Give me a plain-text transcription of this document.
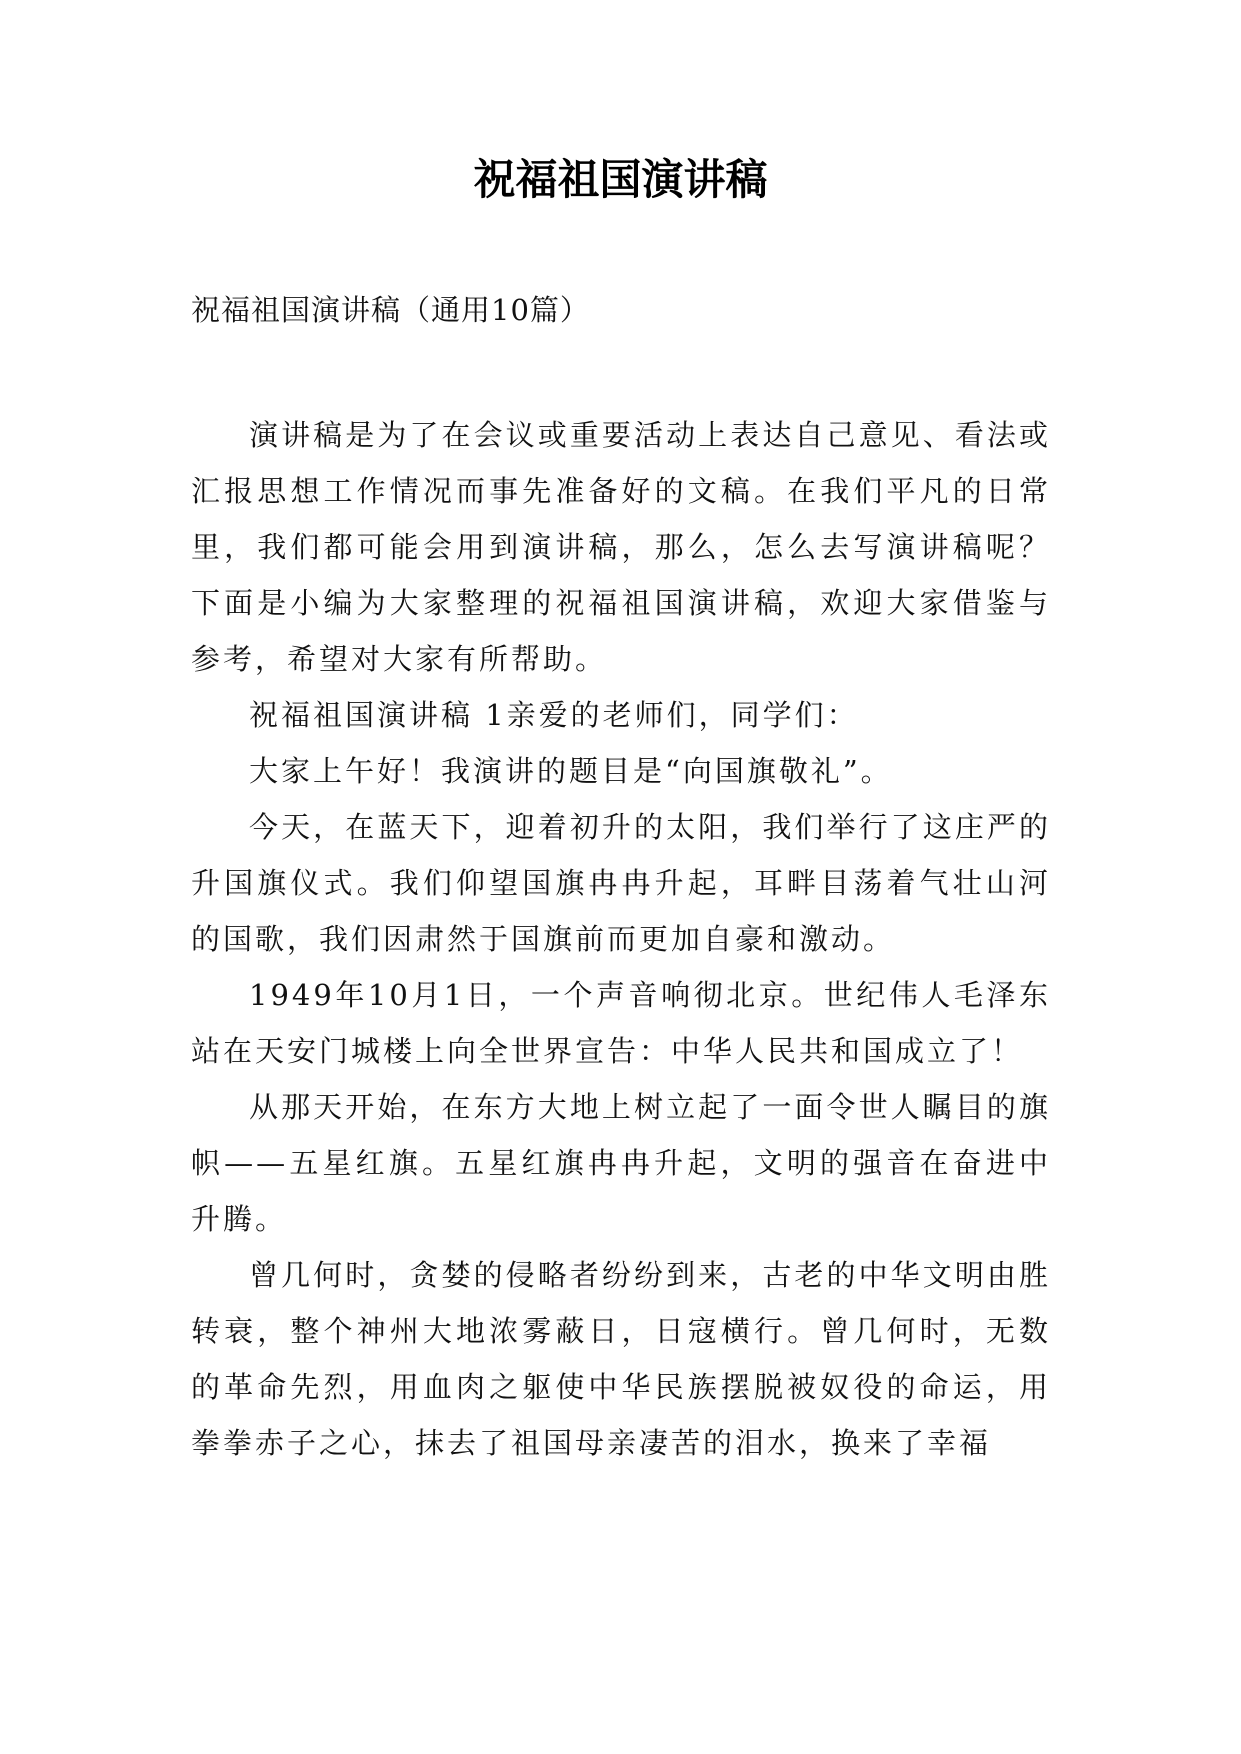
祝福祖国演讲稿

祝福祖国演讲稿（通用10篇）

演讲稿是为了在会议或重要活动上表达自己意见、看法或汇报思想工作情况而事先准备好的文稿。在我们平凡的日常里，我们都可能会用到演讲稿，那么，怎么去写演讲稿呢？下面是小编为大家整理的祝福祖国演讲稿，欢迎大家借鉴与参考，希望对大家有所帮助。

祝福祖国演讲稿 1亲爱的老师们，同学们：

大家上午好！我演讲的题目是“向国旗敬礼”。

今天，在蓝天下，迎着初升的太阳，我们举行了这庄严的升国旗仪式。我们仰望国旗冉冉升起，耳畔目荡着气壮山河的国歌，我们因肃然于国旗前而更加自豪和激动。

1949年10月1日，一个声音响彻北京。世纪伟人毛泽东站在天安门城楼上向全世界宣告：中华人民共和国成立了！

从那天开始，在东方大地上树立起了一面令世人瞩目的旗帜——五星红旗。五星红旗冉冉升起，文明的强音在奋进中升腾。

曾几何时，贪婪的侵略者纷纷到来，古老的中华文明由胜转衰，整个神州大地浓雾蔽日，日寇横行。曾几何时，无数的革命先烈，用血肉之躯使中华民族摆脱被奴役的命运，用拳拳赤子之心，抹去了祖国母亲凄苦的泪水，换来了幸福
